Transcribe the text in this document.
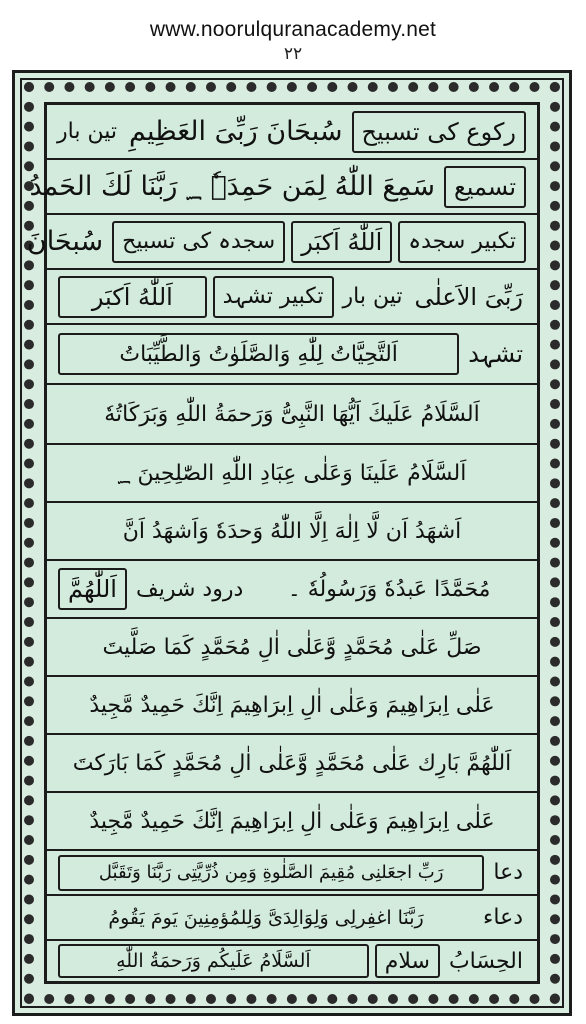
www.noorulquranacademy.net
۲۲
رکوع کی تسبیح
سُبحَانَ رَبِّیَ العَظِیمِ
تین بار
تسمیع
سَمِعَ اللّٰهُ لِمَن حَمِدَہٗ ؁ رَبَّنَا لَكَ الحَمدُ
تکبیر سجدہ
اَللّٰهُ اَکبَر
سجدہ کی تسبیح
سُبحَانَ
رَبِّیَ الاَعلٰی
تین بار
تکبیر تشہد
اَللّٰهُ اَکبَر
تشہد
اَلتَّحِیَّاتُ لِلّٰهِ وَالصَّلَوٰتُ وَالطَّیِّبَاتُ
اَلسَّلَامُ عَلَیكَ اَیُّهَا النَّبِیُّ وَرَحمَةُ اللّٰهِ وَبَرَکَاتُهٗ
اَلسَّلَامُ عَلَینَا وَعَلٰی عِبَادِ اللّٰهِ الصّٰلِحِینَ ؁
اَشهَدُ اَن لَّا اِلٰهَ اِلَّا اللّٰهُ وَحدَهٗ وَاَشهَدُ اَنَّ
مُحَمَّدًا عَبدُهٗ وَرَسُولُهٗ ۔
درود شریف
اَللّٰهُمَّ
صَلِّ عَلٰی مُحَمَّدٍ وَّعَلٰی اٰلِ مُحَمَّدٍ کَمَا صَلَّیتَ
عَلٰی اِبرَاهِیمَ وَعَلٰی اٰلِ اِبرَاهِیمَ اِنَّكَ حَمِیدٌ مَّجِیدٌ
اَللّٰهُمَّ بَارِك عَلٰی مُحَمَّدٍ وَّعَلٰی اٰلِ مُحَمَّدٍ کَمَا بَارَکتَ
عَلٰی اِبرَاهِیمَ وَعَلٰی اٰلِ اِبرَاهِیمَ اِنَّكَ حَمِیدٌ مَّجِیدٌ
دعا
رَبِّ اجعَلنِی مُقِیمَ الصَّلٰوةِ وَمِن ذُرِّیَّتِی رَبَّنَا وَتَقَبَّل
دعاء
رَبَّنَا اغفِرلِی وَلِوَالِدَیَّ وَلِلمُؤمِنِینَ یَومَ یَقُومُ
الحِسَابُ
سلام
اَلسَّلَامُ عَلَیکُم وَرَحمَةُ اللّٰهِ
